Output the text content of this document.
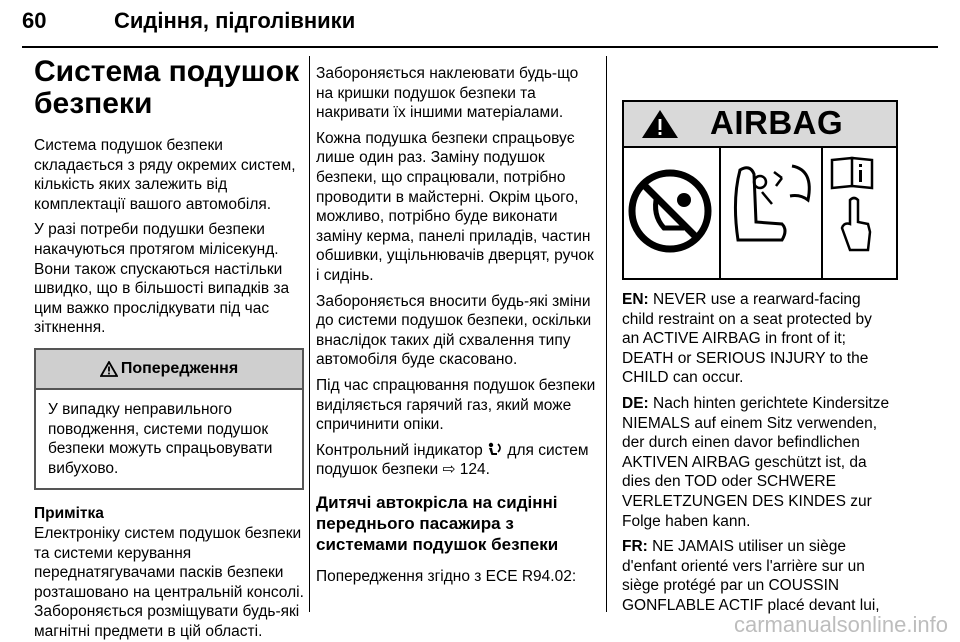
60	Сидіння, підголівники
Система подушок безпеки

Система подушок безпеки складається з ряду окремих систем, кількість яких залежить від комплектації вашого автомобіля.

У разі потреби подушки безпеки накачуються протягом мілісекунд. Вони також спускаються настільки швидко, що в більшості випадків за цим важко прослідкувати під час зіткнення.

Попередження
У випадку неправильного поводження, системи подушок безпеки можуть спрацьовувати вибухово.
Примітка
Електроніку систем подушок безпеки та системи керування переднатягувачами пасків безпеки розташовано на центральній консолі. Забороняється розміщувати будь-які магнітні предмети в цій області.

Забороняється наклеювати будь-що на кришки подушок безпеки та накривати їх іншими матеріалами.

Кожна подушка безпеки спрацьовує лише один раз. Заміну подушок безпеки, що спрацювали, потрібно проводити в майстерні. Окрім цього, можливо, потрібно буде виконати заміну керма, панелі приладів, частин обшивки, ущільнювачів дверцят, ручок і сидінь.

Забороняється вносити будь-які зміни до системи подушок безпеки, оскільки внаслідок таких дій схвалення типу автомобіля буде скасовано.

Під час спрацювання подушок безпеки виділяється гарячий газ, який може спричинити опіки.

Контрольний індикатор для систем подушок безпеки ⇨ 124.

Дитячі автокрісла на сидінні переднього пасажира з системами подушок безпеки

Попередження згідно з ECE R94.02:

AIRBAG

EN: NEVER use a rearward-facing child restraint on a seat protected by an ACTIVE AIRBAG in front of it; DEATH or SERIOUS INJURY to the CHILD can occur.

DE: Nach hinten gerichtete Kindersitze NIEMALS auf einem Sitz verwenden, der durch einen davor befindlichen AKTIVEN AIRBAG geschützt ist, da dies den TOD oder SCHWERE VERLETZUNGEN DES KINDES zur Folge haben kann.

FR: NE JAMAIS utiliser un siège d'enfant orienté vers l'arrière sur un siège protégé par un COUSSIN GONFLABLE ACTIF placé devant lui,

carmanualsonline.info
